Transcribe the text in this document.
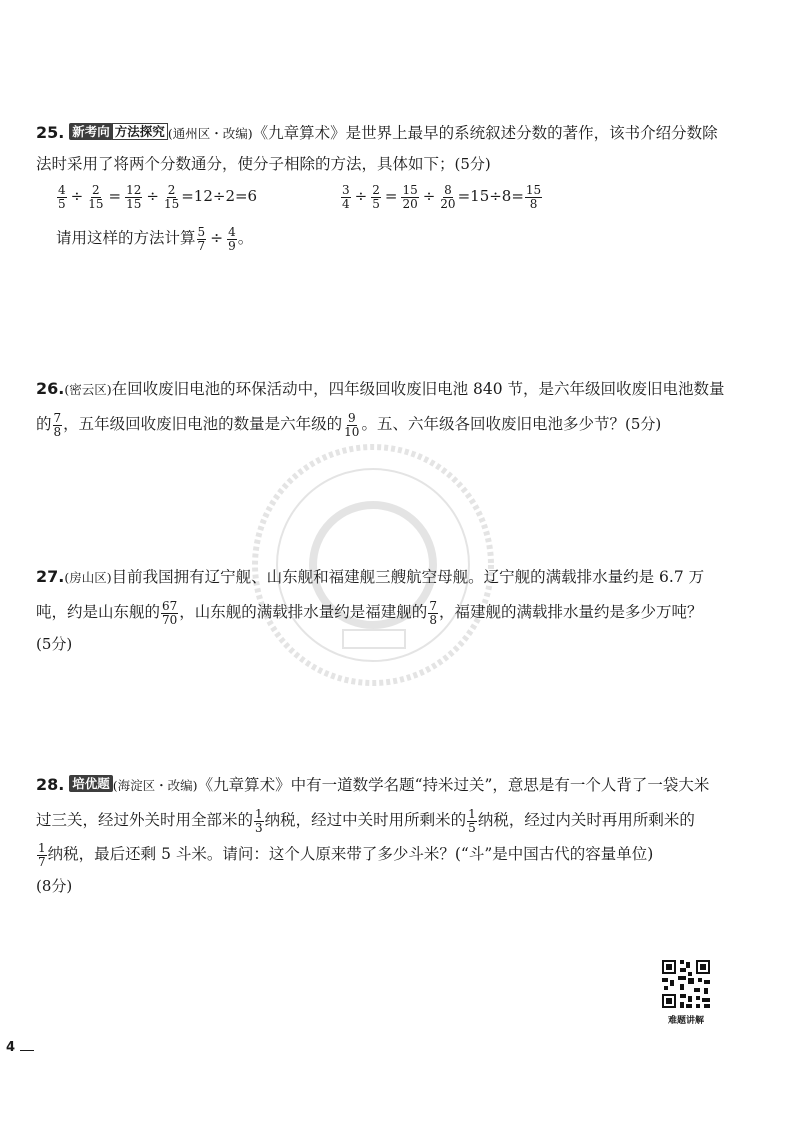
25. 新考向 方法探究 (通州区・改编)《九章算术》是世界上最早的系统叙述分数的著作，该书介绍分数除
法时采用了将两个分数通分，使分子相除的方法，具体如下；(5分)
$\frac{4}{5} \div \frac{2}{15} = \frac{12}{15} \div \frac{2}{15} =12\div 2=6$	$\frac{3}{4} \div \frac{2}{5} = \frac{15}{20} \div \frac{8}{20} =15\div 8= \frac{15}{8}$
请用这样的方法计算 $\frac{5}{7} \div \frac{4}{9}$ 。
26.(密云区)在回收废旧电池的环保活动中，四年级回收废旧电池 840 节，是六年级回收废旧电池数量
的 $\frac{7}{8}$ ，五年级回收废旧电池的数量是六年级的 $\frac{9}{10}$ 。五、六年级各回收废旧电池多少节？(5分)
27.(房山区)目前我国拥有辽宁舰、山东舰和福建舰三艘航空母舰。辽宁舰的满载排水量约是 6.7 万
吨，约是山东舰的 $\frac{67}{70}$ ，山东舰的满载排水量约是福建舰的 $\frac{7}{8}$ ，福建舰的满载排水量约是多少万吨？
(5分)
28. 培优题 (海淀区・改编)《九章算术》中有一道数学名题“持米过关”，意思是有一个人背了一袋大米
过三关，经过外关时用全部米的 $\frac{1}{3}$ 纳税，经过中关时用所剩米的 $\frac{1}{5}$ 纳税，经过内关时再用所剩米的
$\frac{1}{7}$ 纳税，最后还剩 5 斗米。请问：这个人原来带了多少斗米？(“斗”是中国古代的容量单位)
(8分)
难题讲解
4
